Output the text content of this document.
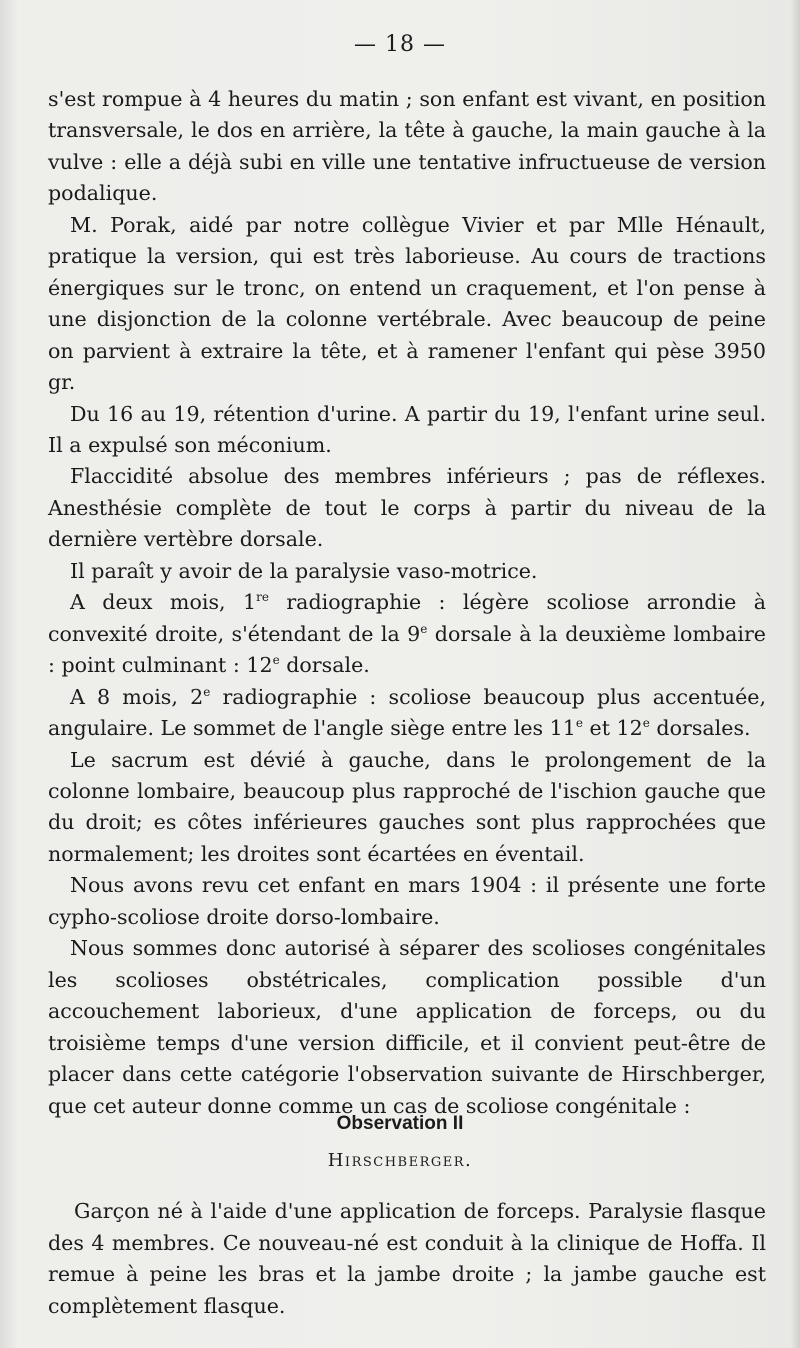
— 18 —

s'est rompue à 4 heures du matin ; son enfant est vivant, en position transversale, le dos en arrière, la tête à gauche, la main gauche à la vulve : elle a déjà subi en ville une tentative infructueuse de version podalique.

M. Porak, aidé par notre collègue Vivier et par Mlle Hénault, pratique la version, qui est très laborieuse. Au cours de tractions énergiques sur le tronc, on entend un craquement, et l'on pense à une disjonction de la colonne vertébrale. Avec beaucoup de peine on parvient à extraire la tête, et à ramener l'enfant qui pèse 3950 gr.

Du 16 au 19, rétention d'urine. A partir du 19, l'enfant urine seul. Il a expulsé son méconium.

Flaccidité absolue des membres inférieurs ; pas de réflexes. Anesthésie complète de tout le corps à partir du niveau de la dernière vertèbre dorsale.

Il paraît y avoir de la paralysie vaso-motrice.

A deux mois, 1re radiographie : légère scoliose arrondie à convexité droite, s'étendant de la 9e dorsale à la deuxième lombaire : point culminant : 12e dorsale.

A 8 mois, 2e radiographie : scoliose beaucoup plus accentuée, angulaire. Le sommet de l'angle siège entre les 11e et 12e dorsales.

Le sacrum est dévié à gauche, dans le prolongement de la colonne lombaire, beaucoup plus rapproché de l'ischion gauche que du droit; es côtes inférieures gauches sont plus rapprochées que normalement; les droites sont écartées en éventail.

Nous avons revu cet enfant en mars 1904 : il présente une forte cypho-scoliose droite dorso-lombaire.

Nous sommes donc autorisé à séparer des scolioses congénitales les scolioses obstétricales, complication possible d'un accouchement laborieux, d'une application de forceps, ou du troisième temps d'une version difficile, et il convient peut-être de placer dans cette catégorie l'observation suivante de Hirschberger, que cet auteur donne comme un cas de scoliose congénitale :

Observation II
Hirschberger.

Garçon né à l'aide d'une application de forceps. Paralysie flasque des 4 membres. Ce nouveau-né est conduit à la clinique de Hoffa. Il remue à peine les bras et la jambe droite ; la jambe gauche est complètement flasque.
